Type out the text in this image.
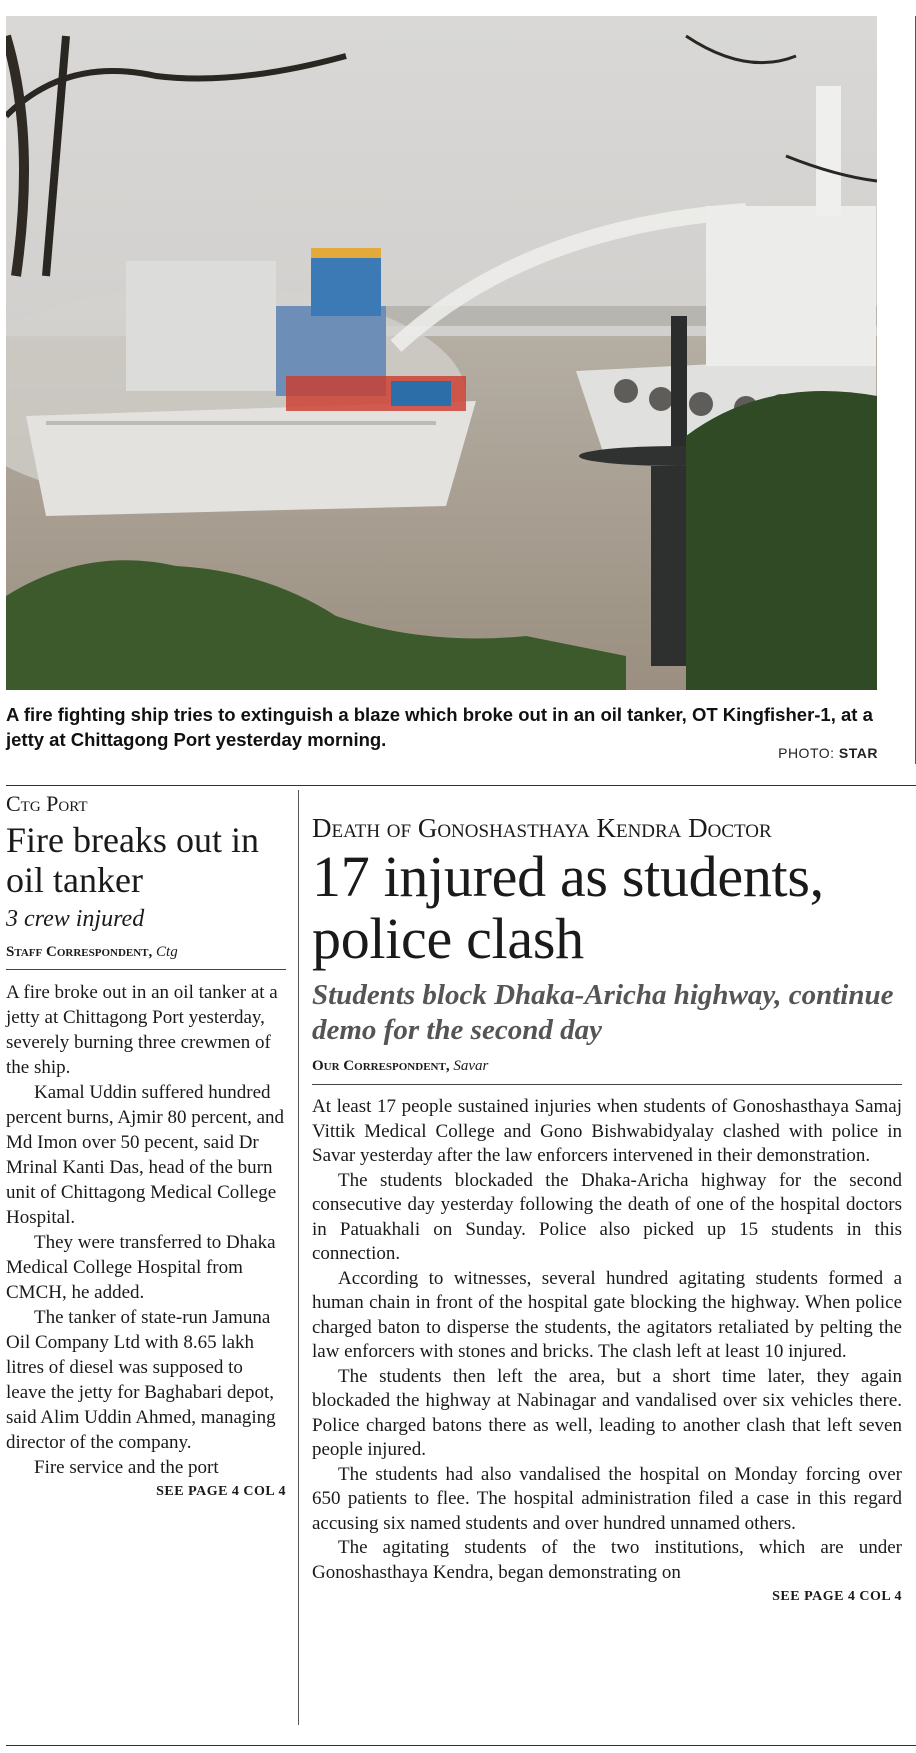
A fire fighting ship tries to extinguish a blaze which broke out in an oil tanker, OT Kingfisher-1, at a jetty at Chittagong Port yesterday morning.
PHOTO: STAR
Ctg Port
Fire breaks out in oil tanker
3 crew injured
Staff Correspondent, Ctg

A fire broke out in an oil tanker at a jetty at Chittagong Port yesterday, severely burning three crewmen of the ship.

Kamal Uddin suffered hundred percent burns, Ajmir 80 percent, and Md Imon over 50 pecent, said Dr Mrinal Kanti Das, head of the burn unit of Chittagong Medical College Hospital.

They were transferred to Dhaka Medical College Hospital from CMCH, he added.

The tanker of state-run Jamuna Oil Company Ltd with 8.65 lakh litres of diesel was supposed to leave the jetty for Baghabari depot, said Alim Uddin Ahmed, managing director of the company.

Fire service and the port

SEE PAGE 4 COL 4
Death of Gonoshasthaya Kendra Doctor
17 injured as students, police clash
Students block Dhaka-Aricha highway, continue demo for the second day
Our Correspondent, Savar

At least 17 people sustained injuries when students of Gonoshasthaya Samaj Vittik Medical College and Gono Bishwabidyalay clashed with police in Savar yesterday after the law enforcers intervened in their demonstration.

The students blockaded the Dhaka-Aricha highway for the second consecutive day yesterday following the death of one of the hospital doctors in Patuakhali on Sunday. Police also picked up 15 students in this connection.

According to witnesses, several hundred agitating students formed a human chain in front of the hospital gate blocking the highway. When police charged baton to disperse the students, the agitators retaliated by pelting the law enforcers with stones and bricks. The clash left at least 10 injured.

The students then left the area, but a short time later, they again blockaded the highway at Nabinagar and vandalised over six vehicles there. Police charged batons there as well, leading to another clash that left seven people injured.

The students had also vandalised the hospital on Monday forcing over 650 patients to flee. The hospital administration filed a case in this regard accusing six named students and over hundred unnamed others.

The agitating students of the two institutions, which are under Gonoshasthaya Kendra, began demonstrating on

SEE PAGE 4 COL 4
